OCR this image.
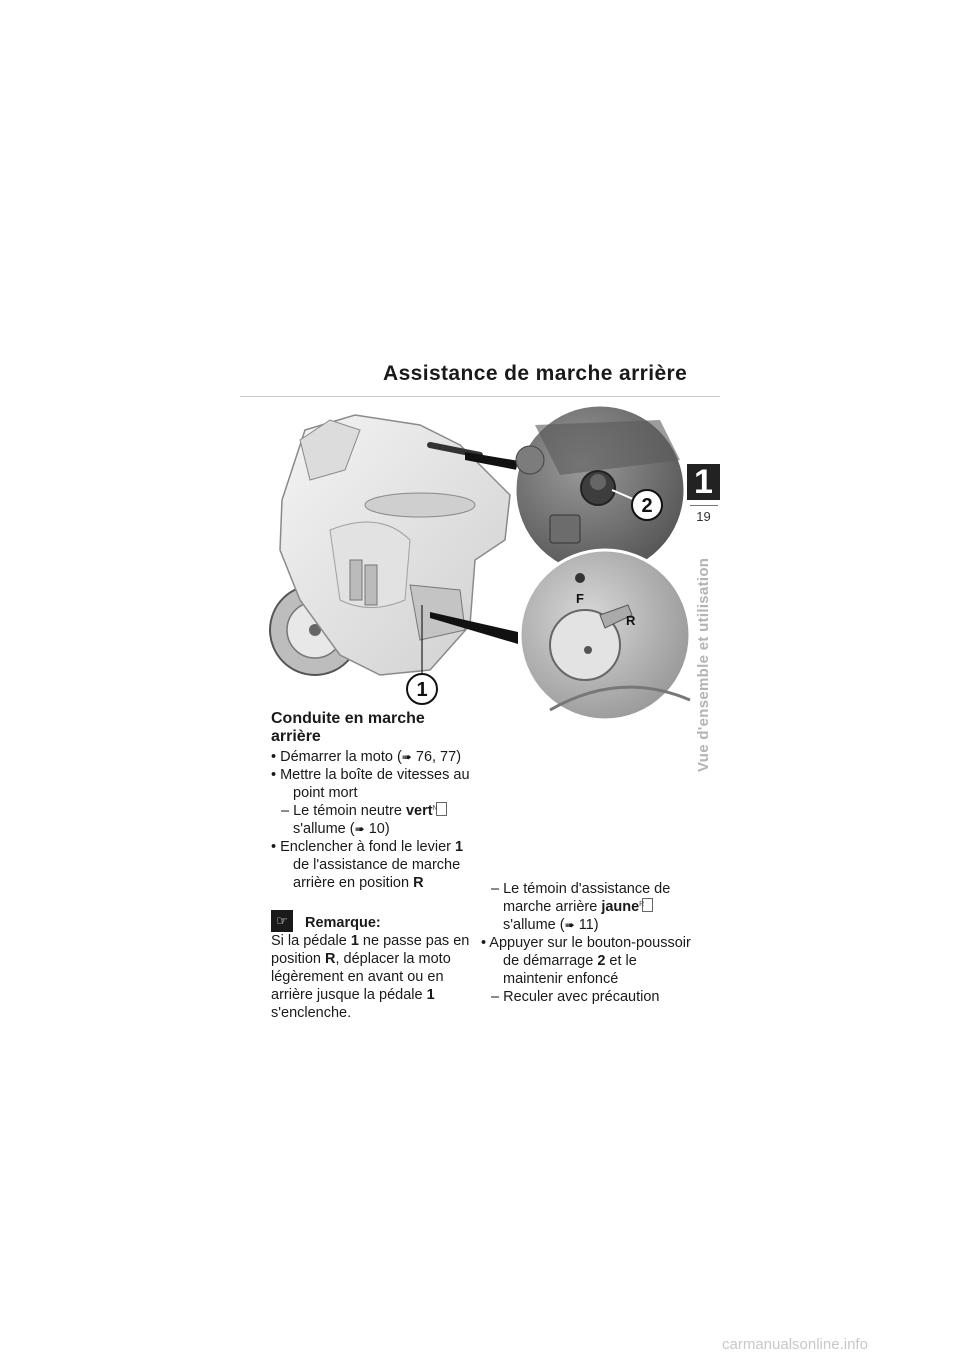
Assistance de marche arrière
1
19
Vue d'ensemble et utilisation
F
R
2
1
Conduite en marche arrière
• Démarrer la moto (➠ 76, 77)
• Mettre la boîte de vitesses au point mort
– Le témoin neutre vertN
s'allume (➠ 10)
• Enclencher à fond le levier 1 de l'assistance de marche arrière en position R
☞	Remarque:
Si la pédale 1 ne passe pas en position R, déplacer la moto légèrement en avant ou en arrière jusque la pédale 1 s'enclenche.
– Le témoin d'assistance de marche arrière jauneR
s'allume (➠ 11)
• Appuyer sur le bouton-poussoir de démarrage 2 et le maintenir enfoncé
– Reculer avec précaution
carmanualsonline.info
